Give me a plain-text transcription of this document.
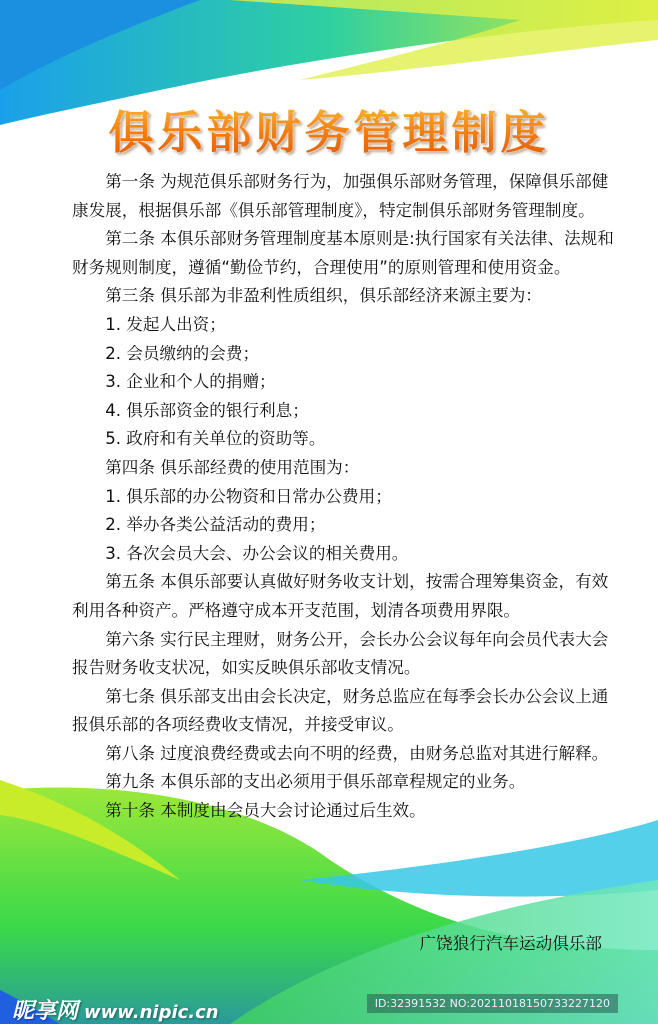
俱乐部财务管理制度

第一条 为规范俱乐部财务行为，加强俱乐部财务管理，保障俱乐部健康发展，根据俱乐部《俱乐部管理制度》，特定制俱乐部财务管理制度。

第二条 本俱乐部财务管理制度基本原则是:执行国家有关法律、法规和财务规则制度，遵循“勤俭节约，合理使用”的原则管理和使用资金。

第三条 俱乐部为非盈利性质组织，俱乐部经济来源主要为：

1. 发起人出资；

2. 会员缴纳的会费；

3. 企业和个人的捐赠；

4. 俱乐部资金的银行利息；

5. 政府和有关单位的资助等。

第四条 俱乐部经费的使用范围为：

1. 俱乐部的办公物资和日常办公费用；

2. 举办各类公益活动的费用；

3. 各次会员大会、办公会议的相关费用。

第五条 本俱乐部要认真做好财务收支计划，按需合理筹集资金，有效利用各种资产。严格遵守成本开支范围，划清各项费用界限。

第六条 实行民主理财，财务公开，会长办公会议每年向会员代表大会报告财务收支状况，如实反映俱乐部收支情况。

第七条 俱乐部支出由会长决定，财务总监应在每季会长办公会议上通报俱乐部的各项经费收支情况，并接受审议。

第八条 过度浪费经费或去向不明的经费，由财务总监对其进行解释。

第九条 本俱乐部的支出必须用于俱乐部章程规定的业务。

第十条 本制度由会员大会讨论通过后生效。

广饶狼行汽车运动俱乐部
昵享网 www.nipic.cn	ID:32391532 NO:20211018150733227120
